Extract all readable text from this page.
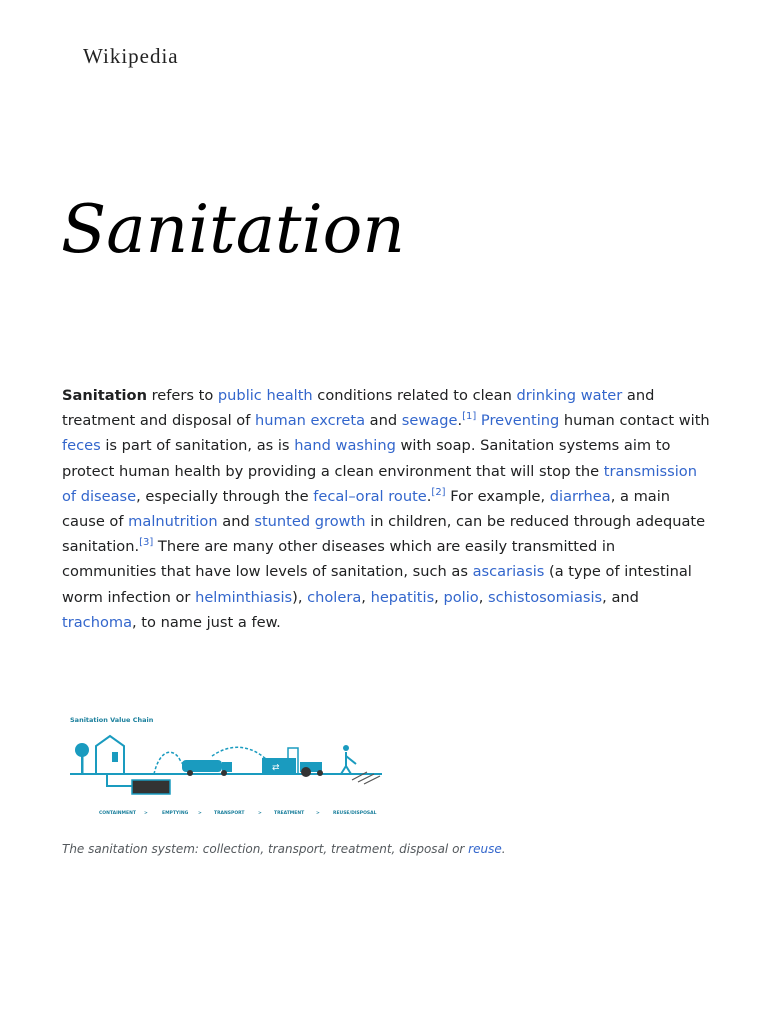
Wikipedia
Sanitation

Sanitation refers to public health conditions related to clean drinking water and treatment and disposal of human excreta and sewage.[1] Preventing human contact with feces is part of sanitation, as is hand washing with soap. Sanitation systems aim to protect human health by providing a clean environment that will stop the transmission of disease, especially through the fecal–oral route.[2] For example, diarrhea, a main cause of malnutrition and stunted growth in children, can be reduced through adequate sanitation.[3] There are many other diseases which are easily transmitted in communities that have low levels of sanitation, such as ascariasis (a type of intestinal worm infection or helminthiasis), cholera, hepatitis, polio, schistosomiasis, and trachoma, to name just a few.

Sanitation Value Chain
⇄
CONTAINMENT >	EMPTYING >	TRANSPORT	>	TREATMENT	>	REUSE/DISPOSAL
The sanitation system: collection, transport, treatment, disposal or reuse.
